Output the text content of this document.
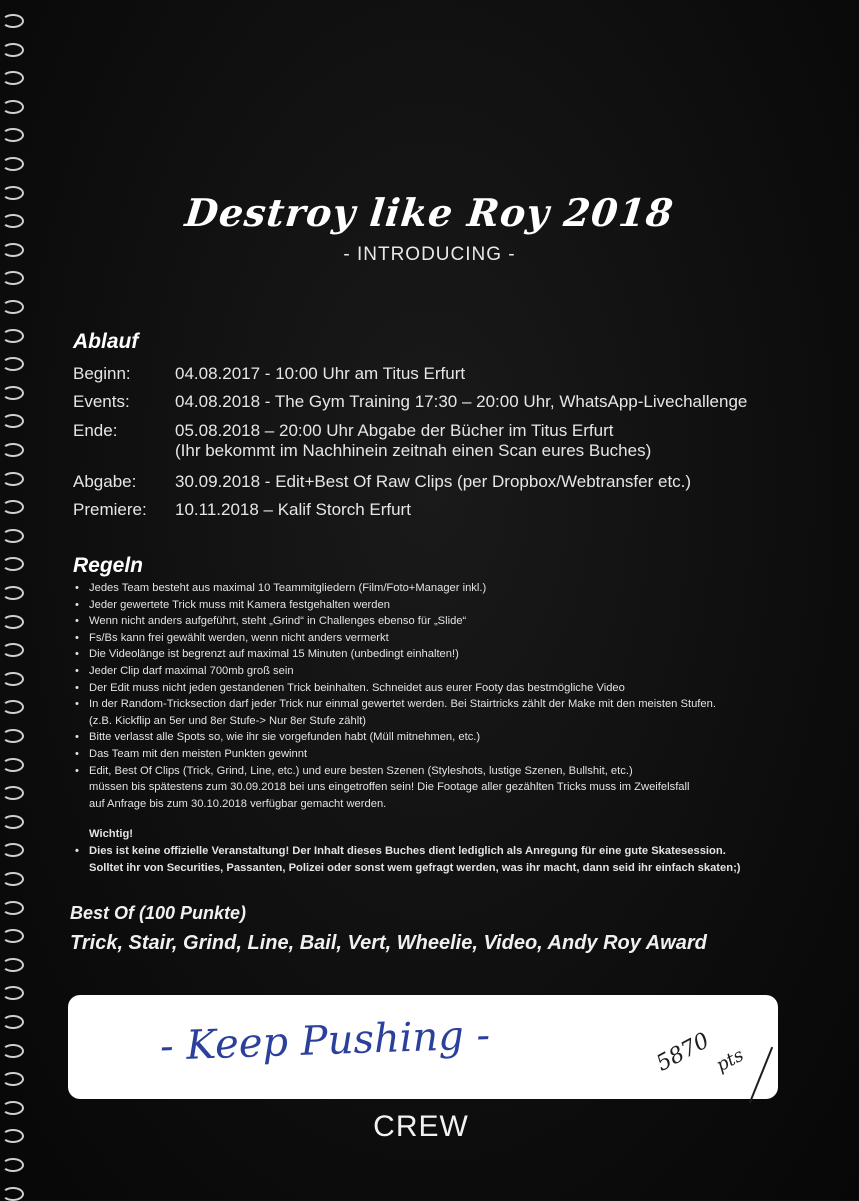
Destroy like Roy 2018
- INTRODUCING -
Ablauf
Beginn:	04.08.2017 - 10:00 Uhr am Titus Erfurt
Events:	04.08.2018 - The Gym Training 17:30 – 20:00 Uhr, WhatsApp-Livechallenge
Ende:	05.08.2018 – 20:00 Uhr Abgabe der Bücher im Titus Erfurt
(Ihr bekommt im Nachhinein zeitnah einen Scan eures Buches)
Abgabe: 30.09.2018 - Edit+Best Of Raw Clips (per Dropbox/Webtransfer etc.)
Premiere: 10.11.2018 – Kalif Storch Erfurt
Regeln
• Jedes Team besteht aus maximal 10 Teammitgliedern (Film/Foto+Manager inkl.)
• Jeder gewertete Trick muss mit Kamera festgehalten werden
• Wenn nicht anders aufgeführt, steht „Grind“ in Challenges ebenso für „Slide“
• Fs/Bs kann frei gewählt werden, wenn nicht anders vermerkt
• Die Videolänge ist begrenzt auf maximal 15 Minuten (unbedingt einhalten!)
• Jeder Clip darf maximal 700mb groß sein
• Der Edit muss nicht jeden gestandenen Trick beinhalten. Schneidet aus eurer Footy das bestmögliche Video
• In der Random-Tricksection darf jeder Trick nur einmal gewertet werden. Bei Stairtricks zählt der Make mit den meisten Stufen.
(z.B. Kickflip an 5er und 8er Stufe-> Nur 8er Stufe zählt)
• Bitte verlasst alle Spots so, wie ihr sie vorgefunden habt (Müll mitnehmen, etc.)
• Das Team mit den meisten Punkten gewinnt
• Edit, Best Of Clips (Trick, Grind, Line, etc.) und eure besten Szenen (Styleshots, lustige Szenen, Bullshit, etc.)
müssen bis spätestens zum 30.09.2018 bei uns eingetroffen sein! Die Footage aller gezählten Tricks muss im Zweifelsfall
auf Anfrage bis zum 30.10.2018 verfügbar gemacht werden.
Wichtig!
• Dies ist keine offizielle Veranstaltung! Der Inhalt dieses Buches dient lediglich als Anregung für eine gute Skatesession.
Solltet ihr von Securities, Passanten, Polizei oder sonst wem gefragt werden, was ihr macht, dann seid ihr einfach skaten;)
Best Of (100 Punkte)
Trick, Stair, Grind, Line, Bail, Vert, Wheelie, Video, Andy Roy Award
- Keep Pushing -	5870 pts
CREW
